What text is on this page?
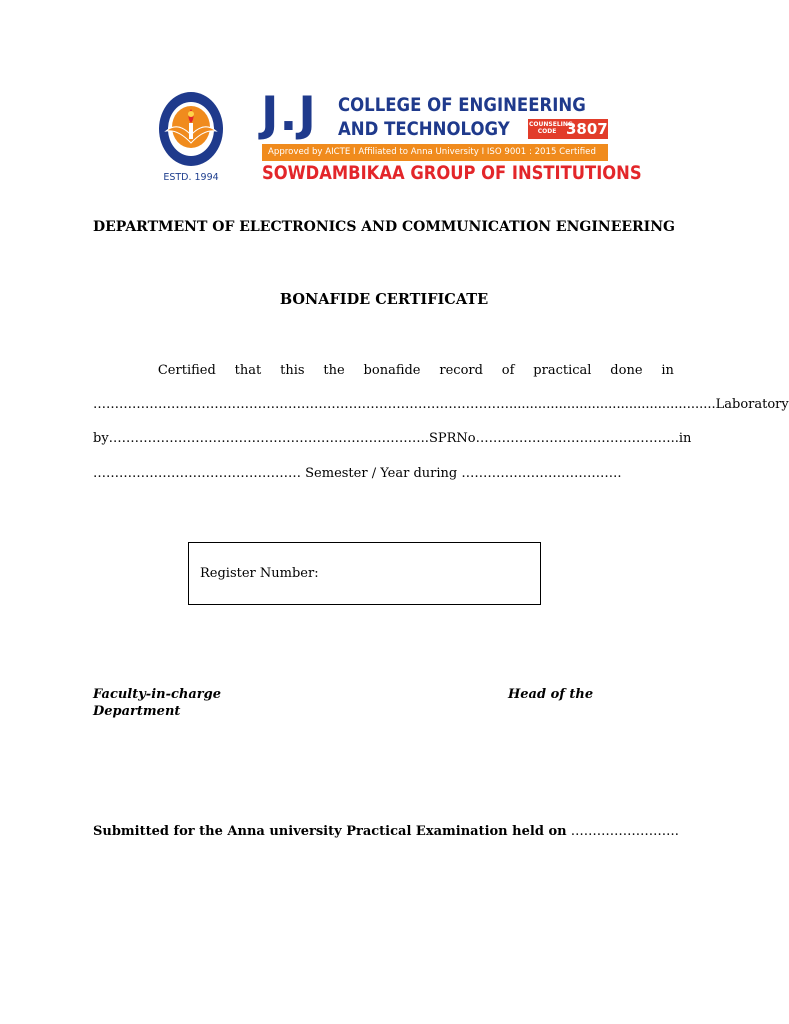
ESTD. 1994
J.J COLLEGE OF ENGINEERING
AND TECHNOLOGY	COUNSELING CODE 3807
Approved by AICTE I Affiliated to Anna University I ISO 9001 : 2015 Certified
SOWDAMBIKAA GROUP OF INSTITUTIONS
DEPARTMENT OF ELECTRONICS AND COMMUNICATION ENGINEERING
BONAFIDE CERTIFICATE
Certified that this the bonafide record of practical done in
…………………………………………………………………………………….................................................. Laboratory
by……………………………………………………………….. SPR No ……………………………………….. in
………………………………………… Semester / Year during ……………………………….
Register Number:
Faculty-in-charge	Head of the
Department
Submitted for the Anna university Practical Examination held on …………………….
